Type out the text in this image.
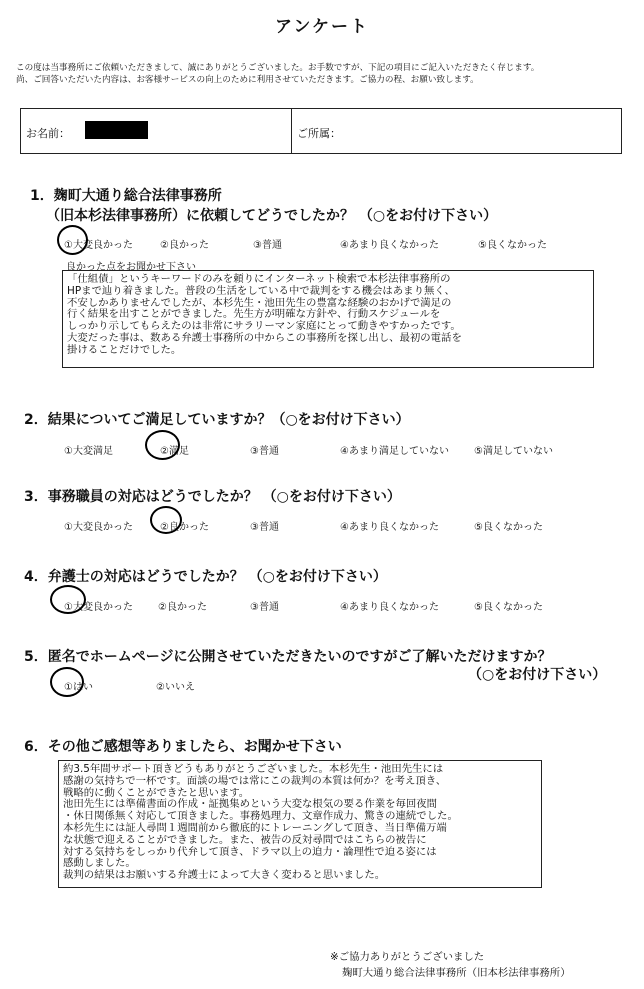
アンケート
この度は当事務所にご依頼いただきまして、誠にありがとうございました。お手数ですが、下記の項目にご記入いただきたく存じます。
尚、ご回答いただいた内容は、お客様サービスの向上のために利用させていただきます。ご協力の程、お願い致します。
お名前：	ご所属：
1．麹町大通り総合法律事務所
（旧本杉法律事務所）に依頼してどうでしたか？ （○をお付け下さい）
①大変良かった	②良かった	③普通	④あまり良くなかった	⑤良くなかった
良かった点をお聞かせ下さい
「仕組債」というキーワードのみを頼りにインターネット検索で本杉法律事務所の
HPまで辿り着きました。普段の生活をしている中で裁判をする機会はあまり無く、
不安しかありませんでしたが、本杉先生・池田先生の豊富な経験のおかげで満足の
行く結果を出すことができました。先生方が明確な方針や、行動スケジュールを
しっかり示してもらえたのは非常にサラリーマン家庭にとって動きやすかったです。
大変だった事は、数ある弁護士事務所の中からこの事務所を探し出し、最初の電話を
掛けることだけでした。
2．結果についてご満足していますか？（○をお付け下さい）
①大変満足	②満足	③普通	④あまり満足していない	⑤満足していない
3．事務職員の対応はどうでしたか？ （○をお付け下さい）
①大変良かった	②良かった	③普通	④あまり良くなかった	⑤良くなかった
4．弁護士の対応はどうでしたか？ （○をお付け下さい）
①大変良かった	②良かった	③普通	④あまり良くなかった	⑤良くなかった
5．匿名でホームページに公開させていただきたいのですがご了解いただけますか？
（○をお付け下さい）
①はい	②いいえ
6．その他ご感想等ありましたら、お聞かせ下さい
約3.5年間サポート頂きどうもありがとうございました。本杉先生・池田先生には
感謝の気持ちで一杯です。面談の場では常にこの裁判の本質は何か？を考え頂き、
戦略的に動くことができたと思います。
池田先生には準備書面の作成・証拠集めという大変な根気の要る作業を毎回夜間
・休日関係無く対応して頂きました。事務処理力、文章作成力、驚きの連続でした。
本杉先生には証人尋問１週間前から徹底的にトレーニングして頂き、当日準備万端
な状態で迎えることができました。また、被告の反対尋問ではこちらの被告に
対する気持ちをしっかり代弁して頂き、ドラマ以上の迫力・論理性で迫る姿には
感動しました。
裁判の結果はお願いする弁護士によって大きく変わると思いました。
※ご協力ありがとうございました
麹町大通り総合法律事務所（旧本杉法律事務所）
